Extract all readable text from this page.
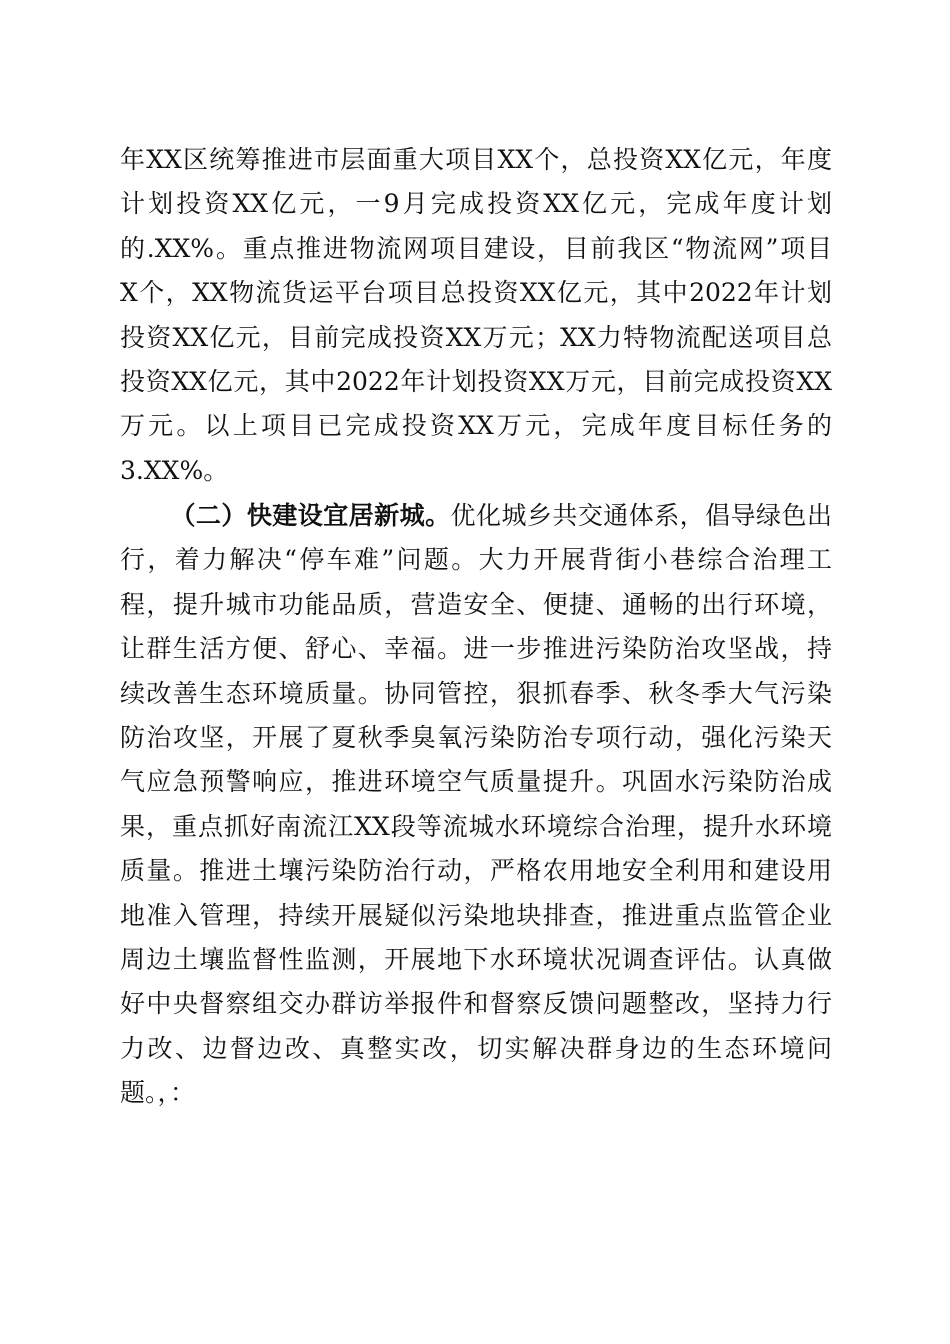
年XX区统筹推进市层面重大项目XX个，总投资XX亿元，年度
计划投资XX亿元，一9月完成投资XX亿元，完成年度计划
的.XX%。重点推进物流网项目建设，目前我区“物流网”项目
X个，XX物流货运平台项目总投资XX亿元，其中2022年计划
投资XX亿元，目前完成投资XX万元；XX力特物流配送项目总
投资XX亿元，其中2022年计划投资XX万元，目前完成投资XX
万元。以上项目已完成投资XX万元，完成年度目标任务的
3.XX%。
（二）快建设宜居新城。优化城乡共交通体系，倡导绿色出
行，着力解决“停车难”问题。大力开展背街小巷综合治理工
程，提升城市功能品质，营造安全、便捷、通畅的出行环境，
让群生活方便、舒心、幸福。进一步推进污染防治攻坚战，持
续改善生态环境质量。协同管控，狠抓春季、秋冬季大气污染
防治攻坚，开展了夏秋季臭氧污染防治专项行动，强化污染天
气应急预警响应，推进环境空气质量提升。巩固水污染防治成
果，重点抓好南流江XX段等流城水环境综合治理，提升水环境
质量。推进土壤污染防治行动，严格农用地安全利用和建设用
地准入管理，持续开展疑似污染地块排查，推进重点监管企业
周边土壤监督性监测，开展地下水环境状况调查评估。认真做
好中央督察组交办群访举报件和督察反馈问题整改，坚持力行
力改、边督边改、真整实改，切实解决群身边的生态环境问
题。，：
